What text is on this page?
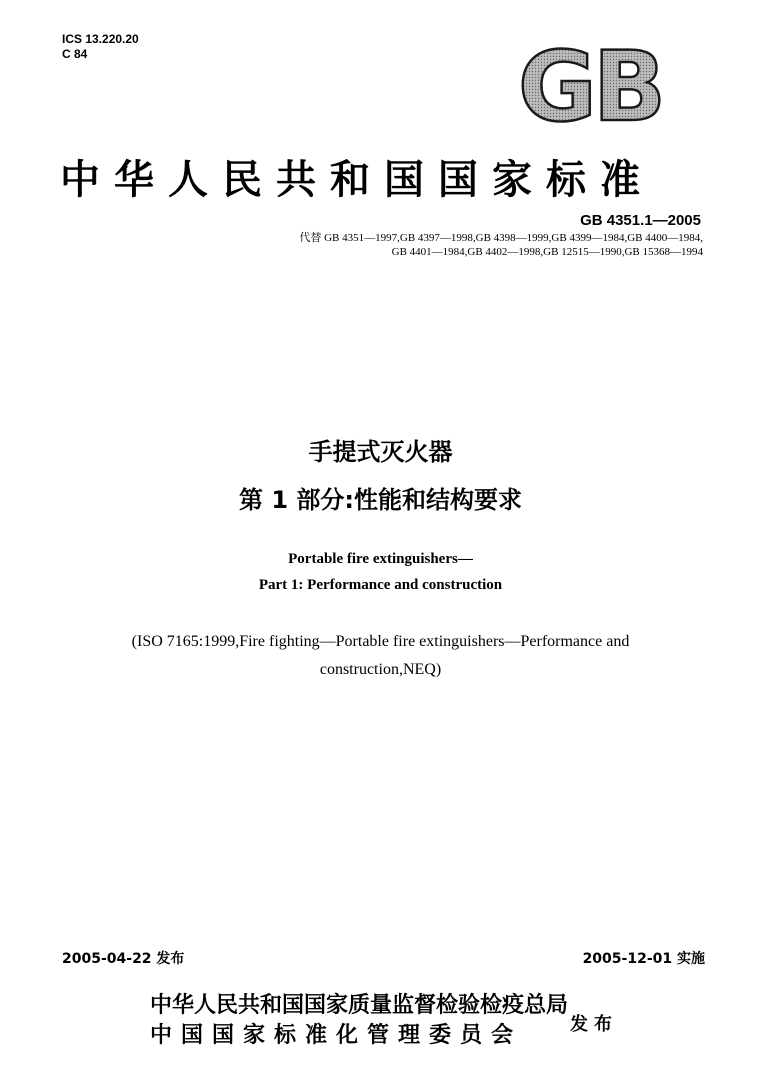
ICS 13.220.20
C 84	GB
中华人民共和国国家标准
GB 4351.1—2005
代替 GB 4351—1997,GB 4397—1998,GB 4398—1999,GB 4399—1984,GB 4400—1984,
GB 4401—1984,GB 4402—1998,GB 12515—1990,GB 15368—1994
手提式灭火器
第 1 部分:性能和结构要求
Portable fire extinguishers—
Part 1: Performance and construction
(ISO 7165:1999,Fire fighting—Portable fire extinguishers—Performance and
construction,NEQ)
2005-04-22 发布	2005-12-01 实施
中华人民共和国国家质量监督检验检疫总局
中国国家标准化管理委员会	发布
